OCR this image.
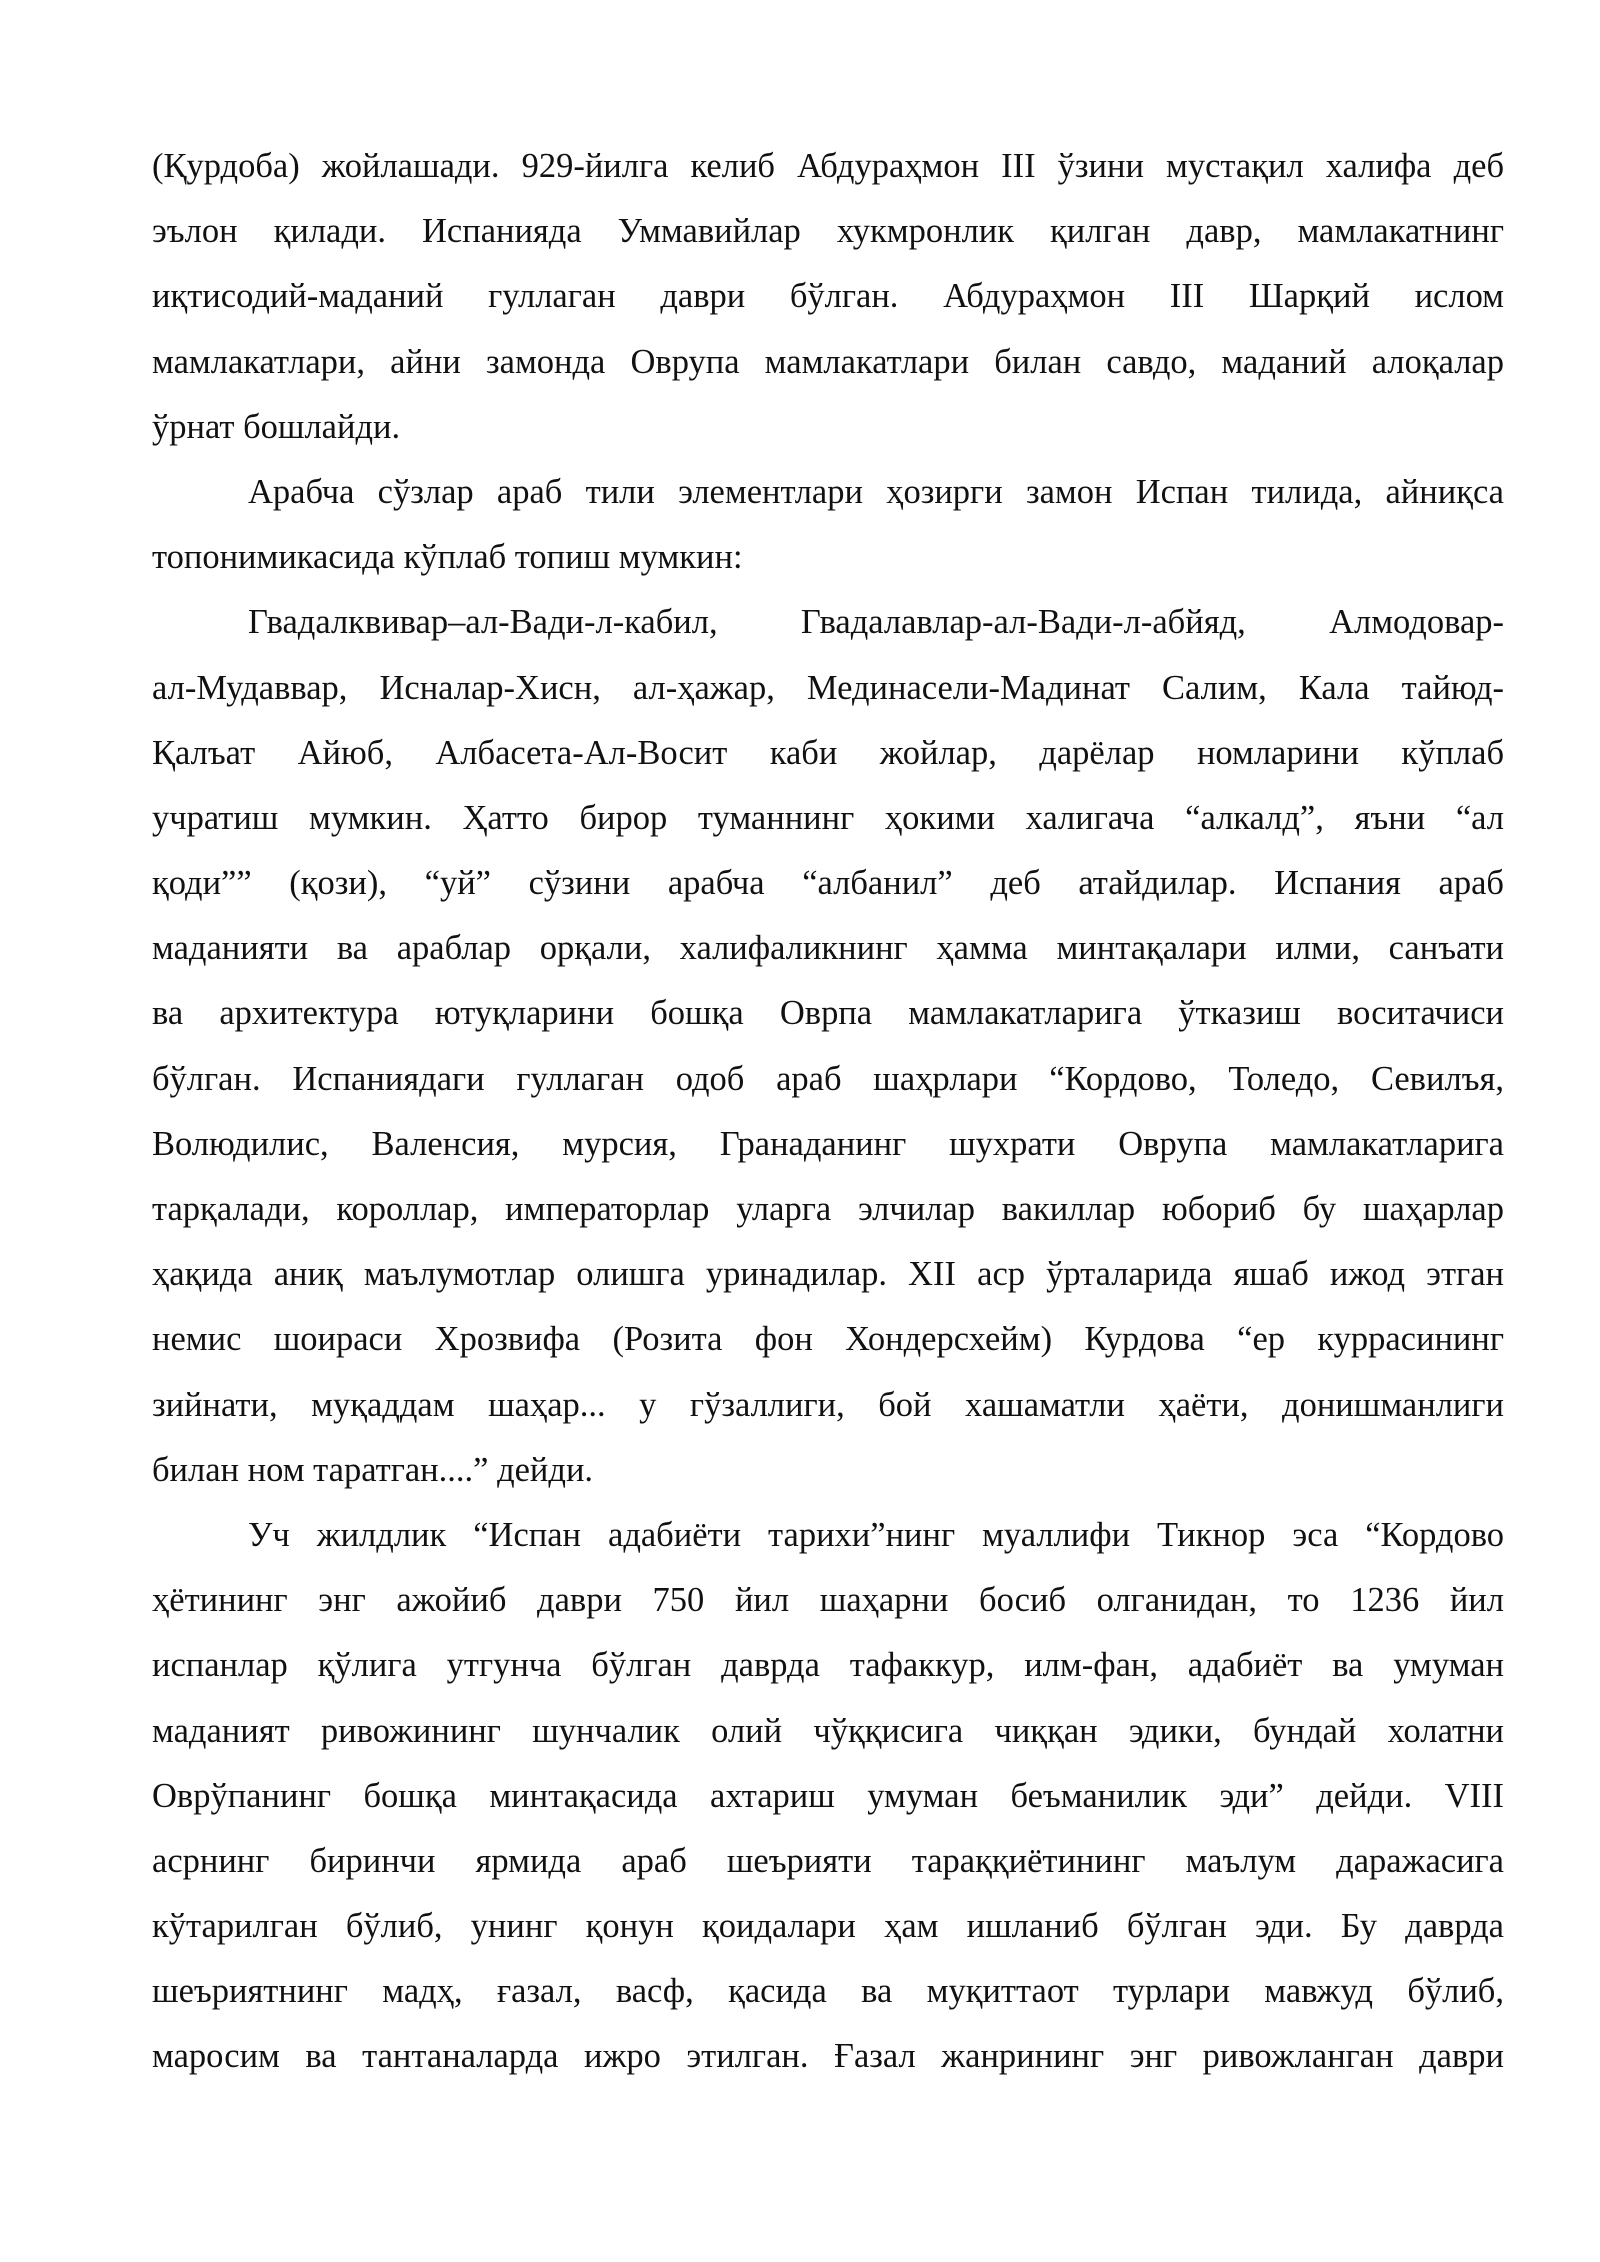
(Қурдоба) жойлашади. 929-йилга келиб Абдураҳмон III ўзини мустақил халифа деб
эълон қилади. Испанияда Уммавийлар хукмронлик қилган давр, мамлакатнинг
иқтисодий-маданий гуллаган даври бўлган. Абдураҳмон III Шарқий ислом
мамлакатлари, айни замонда Оврупа мамлакатлари билан савдо, маданий алоқалар
ўрнат бошлайди.
Арабча сўзлар араб тили элементлари ҳозирги замон Испан тилида, айниқса
топонимикасида кўплаб топиш мумкин:
Гвадалквивар–ал-Вади-л-кабил, Гвадалавлар-ал-Вади-л-абйяд, Алмодовар-
ал-Мудаввар, Исналар-Хисн, ал-ҳажар, Мединасели-Мадинат Салим, Кала тайюд-
Қалъат Айюб, Албасета-Ал-Восит каби жойлар, дарёлар номларини кўплаб
учратиш мумкин. Ҳатто бирор туманнинг ҳокими халигача “алкалд”, яъни “ал
қоди”” (қози), “уй” сўзини арабча “албанил” деб атайдилар. Испания араб
маданияти ва араблар орқали, халифаликнинг ҳамма минтақалари илми, санъати
ва архитектура ютуқларини бошқа Оврпа мамлакатларига ўтказиш воситачиси
бўлган. Испаниядаги гуллаган одоб араб шаҳрлари “Кордово, Толедо, Севилъя,
Волюдилис, Валенсия, мурсия, Гранаданинг шухрати Оврупа мамлакатларига
тарқалади, короллар, императорлар уларга элчилар вакиллар юбориб бу шаҳарлар
ҳақида аниқ маълумотлар олишга уринадилар. XII аср ўрталарида яшаб ижод этган
немис шоираси Хрозвифа (Розита фон Хондерсхейм) Курдова “ер куррасининг
зийнати, муқаддам шаҳар... у гўзаллиги, бой хашаматли ҳаёти, донишманлиги
билан ном таратган....” дейди.
Уч жилдлик “Испан адабиёти тарихи”нинг муаллифи Тикнор эса “Кордово
ҳётининг энг ажойиб даври 750 йил шаҳарни босиб олганидан, то 1236 йил
испанлар қўлига утгунча бўлган даврда тафаккур, илм-фан, адабиёт ва умуман
маданият ривожининг шунчалик олий чўққисига чиққан эдики, бундай холатни
Оврўпанинг бошқа минтақасида ахтариш умуман беъманилик эди” дейди. VIII
асрнинг биринчи ярмида араб шеърияти тараққиётининг маълум даражасига
кўтарилган бўлиб, унинг қонун қоидалари ҳам ишланиб бўлган эди. Бу даврда
шеъриятнинг мадҳ, ғазал, васф, қасида ва муқиттаот турлари мавжуд бўлиб,
маросим ва тантаналарда ижро этилган. Ғазал жанрининг энг ривожланган даври
